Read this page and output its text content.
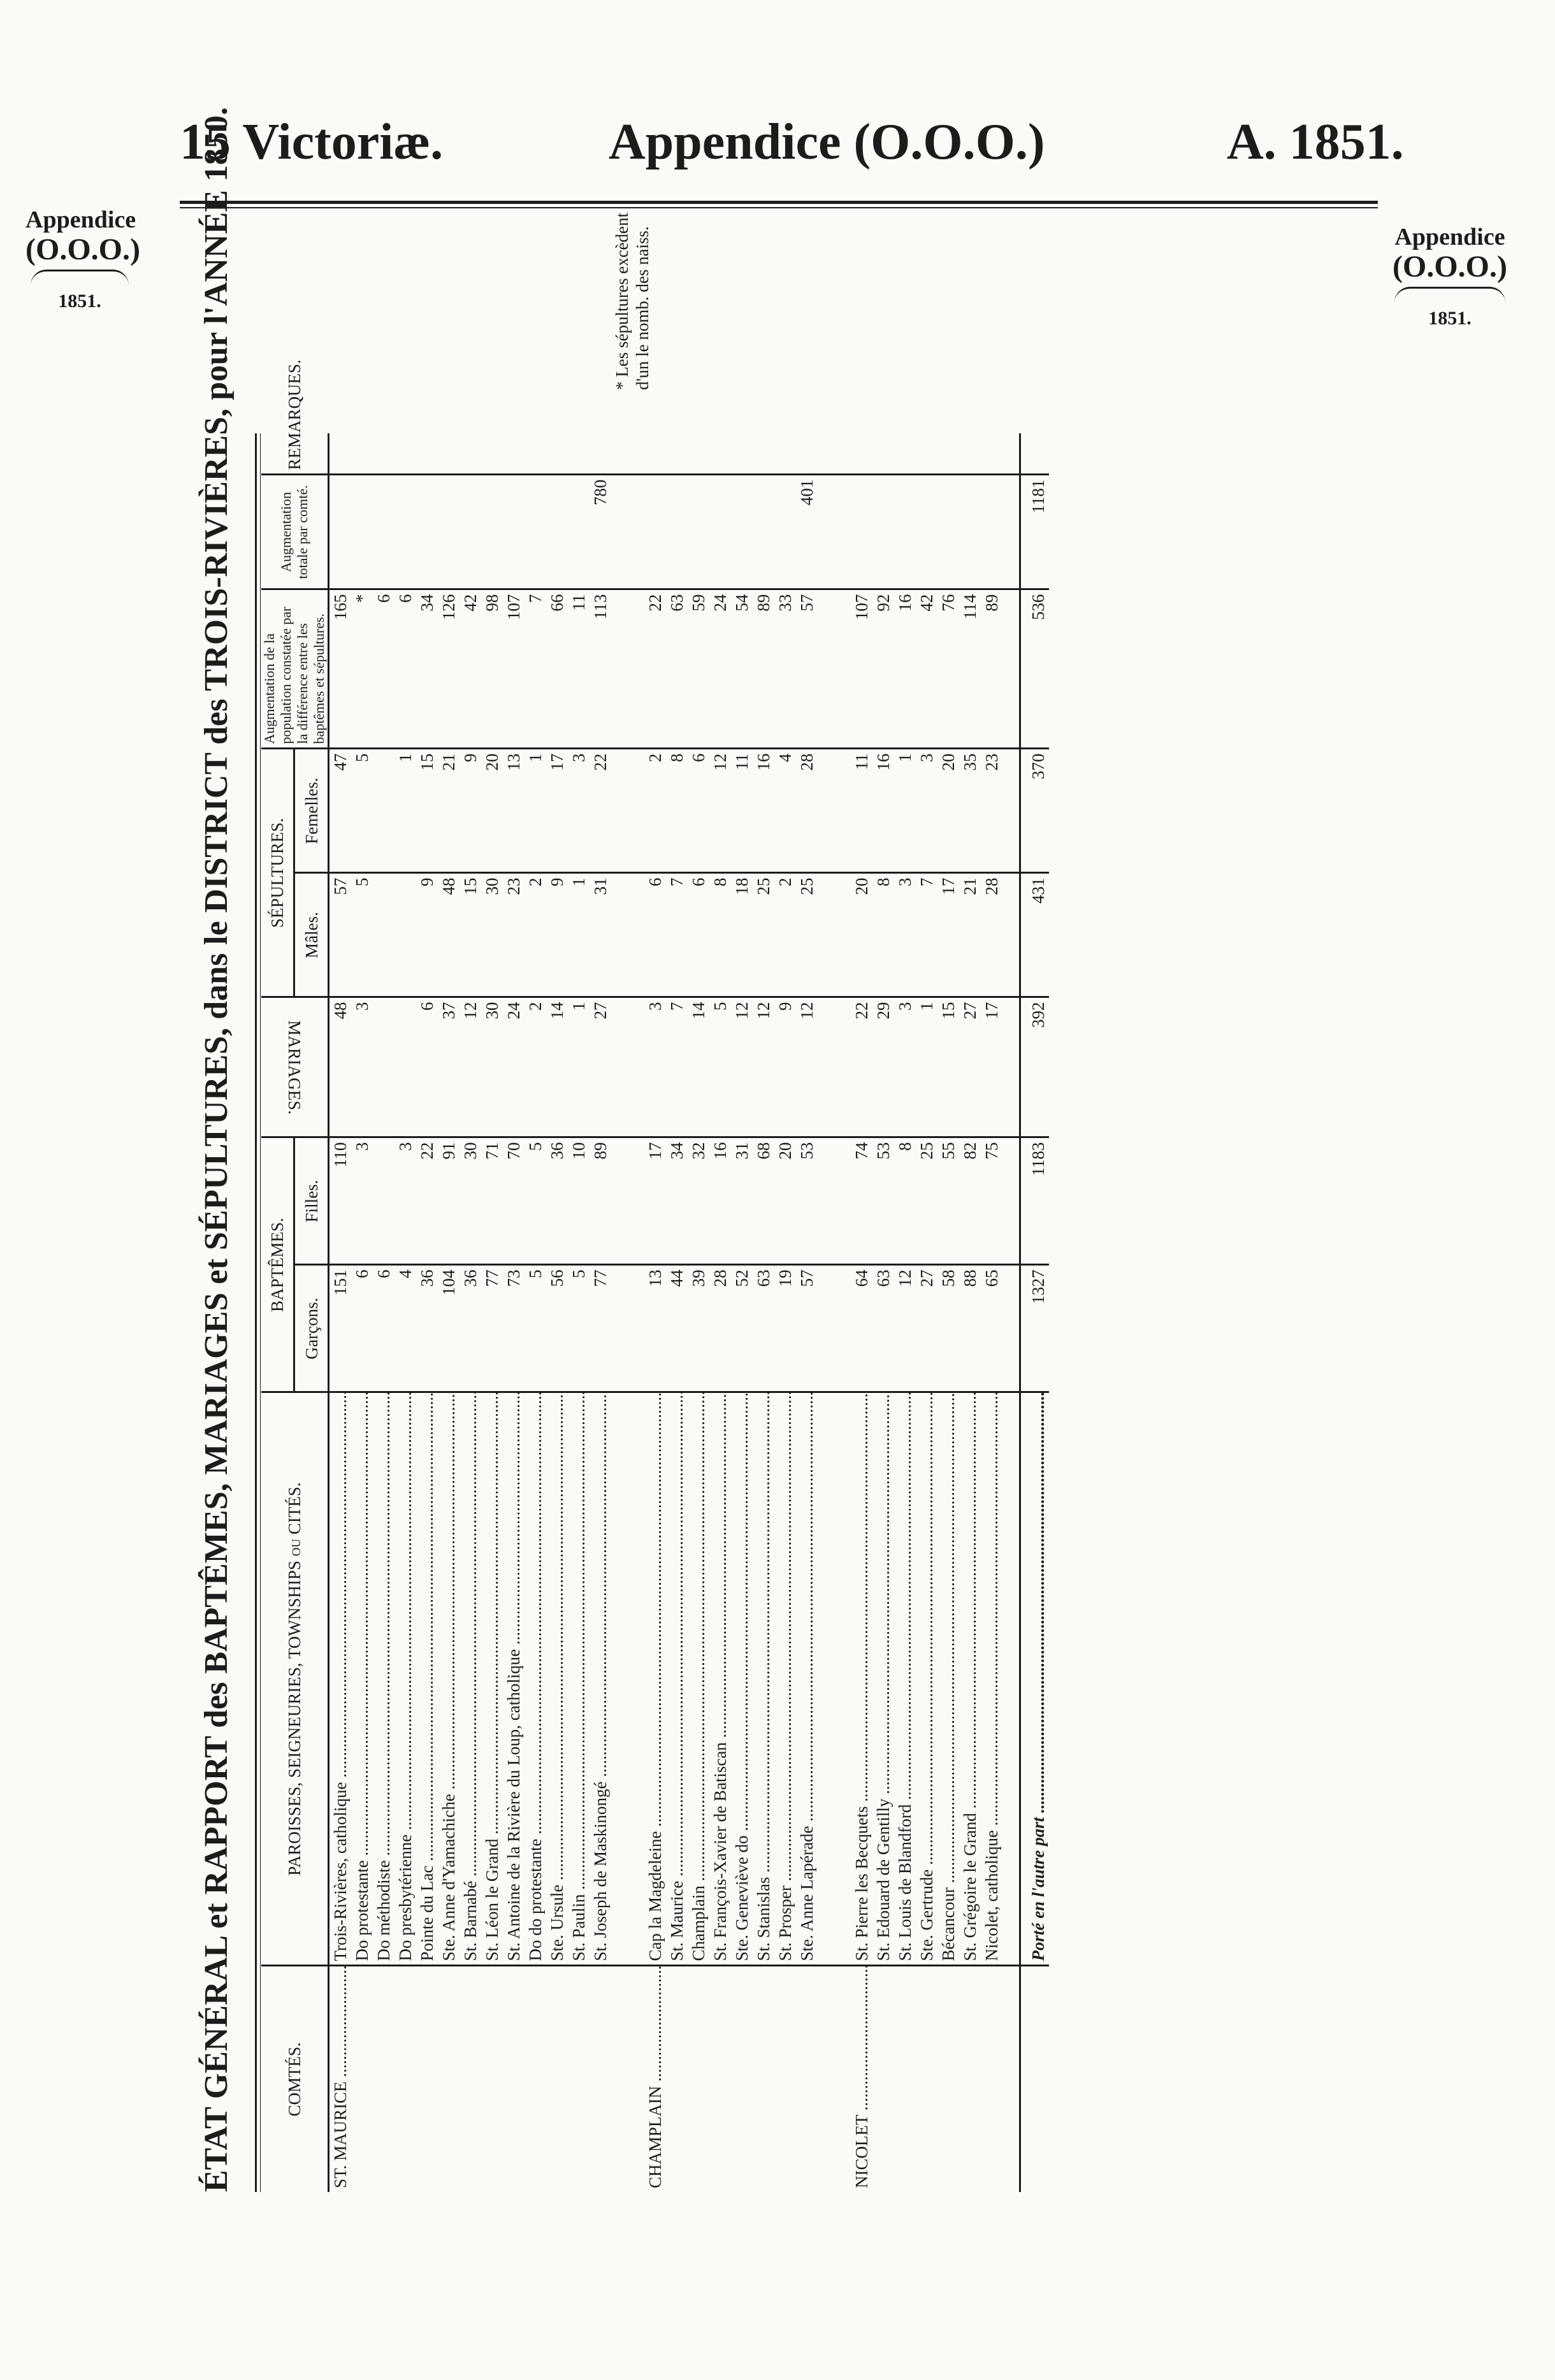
15 Victoriæ.	Appendice (O.O.O.)	A. 1851.
Appendice
(O.O.O.)
1851.
Appendice
(O.O.O.)
1851.
ÉTAT GÉNÉRAL et RAPPORT des BAPTÊMES, MARIAGES et SÉPULTURES, dans le DISTRICT des TROIS-RIVIÈRES, pour l'ANNÉE 1850.	COMTÉS.	PAROISSES, SEIGNEURIES, TOWNSHIPS ou CITÉS.	BAPTÊMES.		MARIAGES.	SÉPULTURES.		Augmentation de la population constatée par la différence entre les baptêmes et sépultures.	Augmentation totale par comté.	REMARQUES.
		Garçons.	Filles.		Mâles.	Femelles.			
ST. MAURICE .....	Trois-Rivières, catholique .....	151	110	48	57	47	165		
	Do protestante .....	6	3	3	5	5	*		

	Do méthodiste .....	6					6		
	Do presbytérienne .....	4	3			1	6		
	Pointe du Lac .....	36	22	6	9	15	34		
	Ste. Anne d'Yamachiche .....	104	91	37	48	21	126		
	St. Barnabé .....	36	30	12	15	9	42		
	St. Léon le Grand .....	77	71	30	30	20	98		
	St. Antoine de la Rivière du Loup, catholique .....	73	70	24	23	13	107		
	Do do protestante .....	5	5	2	2	1	7		
	Ste. Ursule .....	56	36	14	9	17	66		
	St. Paulin .....	5	10	1	1	3	11		
	St. Joseph de Maskinongé .....	77	89	27	31	22	113	780	
CHAMPLAIN .....	Cap la Magdeleine .....	13	17	3	6	2	22		
	St. Maurice .....	44	34	7	7	8	63		
	Champlain .....	39	32	14	6	6	59		
	St. François-Xavier de Batiscan .....	28	16	5	8	12	24		
	Ste. Geneviève do .....	52	31	12	18	11	54		
	St. Stanislas .....	63	68	12	25	16	89		
	St. Prosper .....	19	20	9	2	4	33		
	Ste. Anne Lapérade .....	57	53	12	25	28	57	401	
NICOLET .....	St. Pierre les Becquets .....	64	74	22	20	11	107		
	St. Edouard de Gentilly .....	63	53	29	8	16	92		
	St. Louis de Blandford .....	12	8	3	3	1	16		
	Ste. Gertrude .....	27	25	1	7	3	42		
	Bécancour .....	58	55	15	17	20	76		
	St. Grégoire le Grand .....	88	82	27	21	35	114		
	Nicolet, catholique .....	65	75	17	28	23	89		
	Porté en l'autre part .....	1327	1183	392	431	370	536	1181	
* Les sépultures excèdent d'un le nomb. des naiss.
